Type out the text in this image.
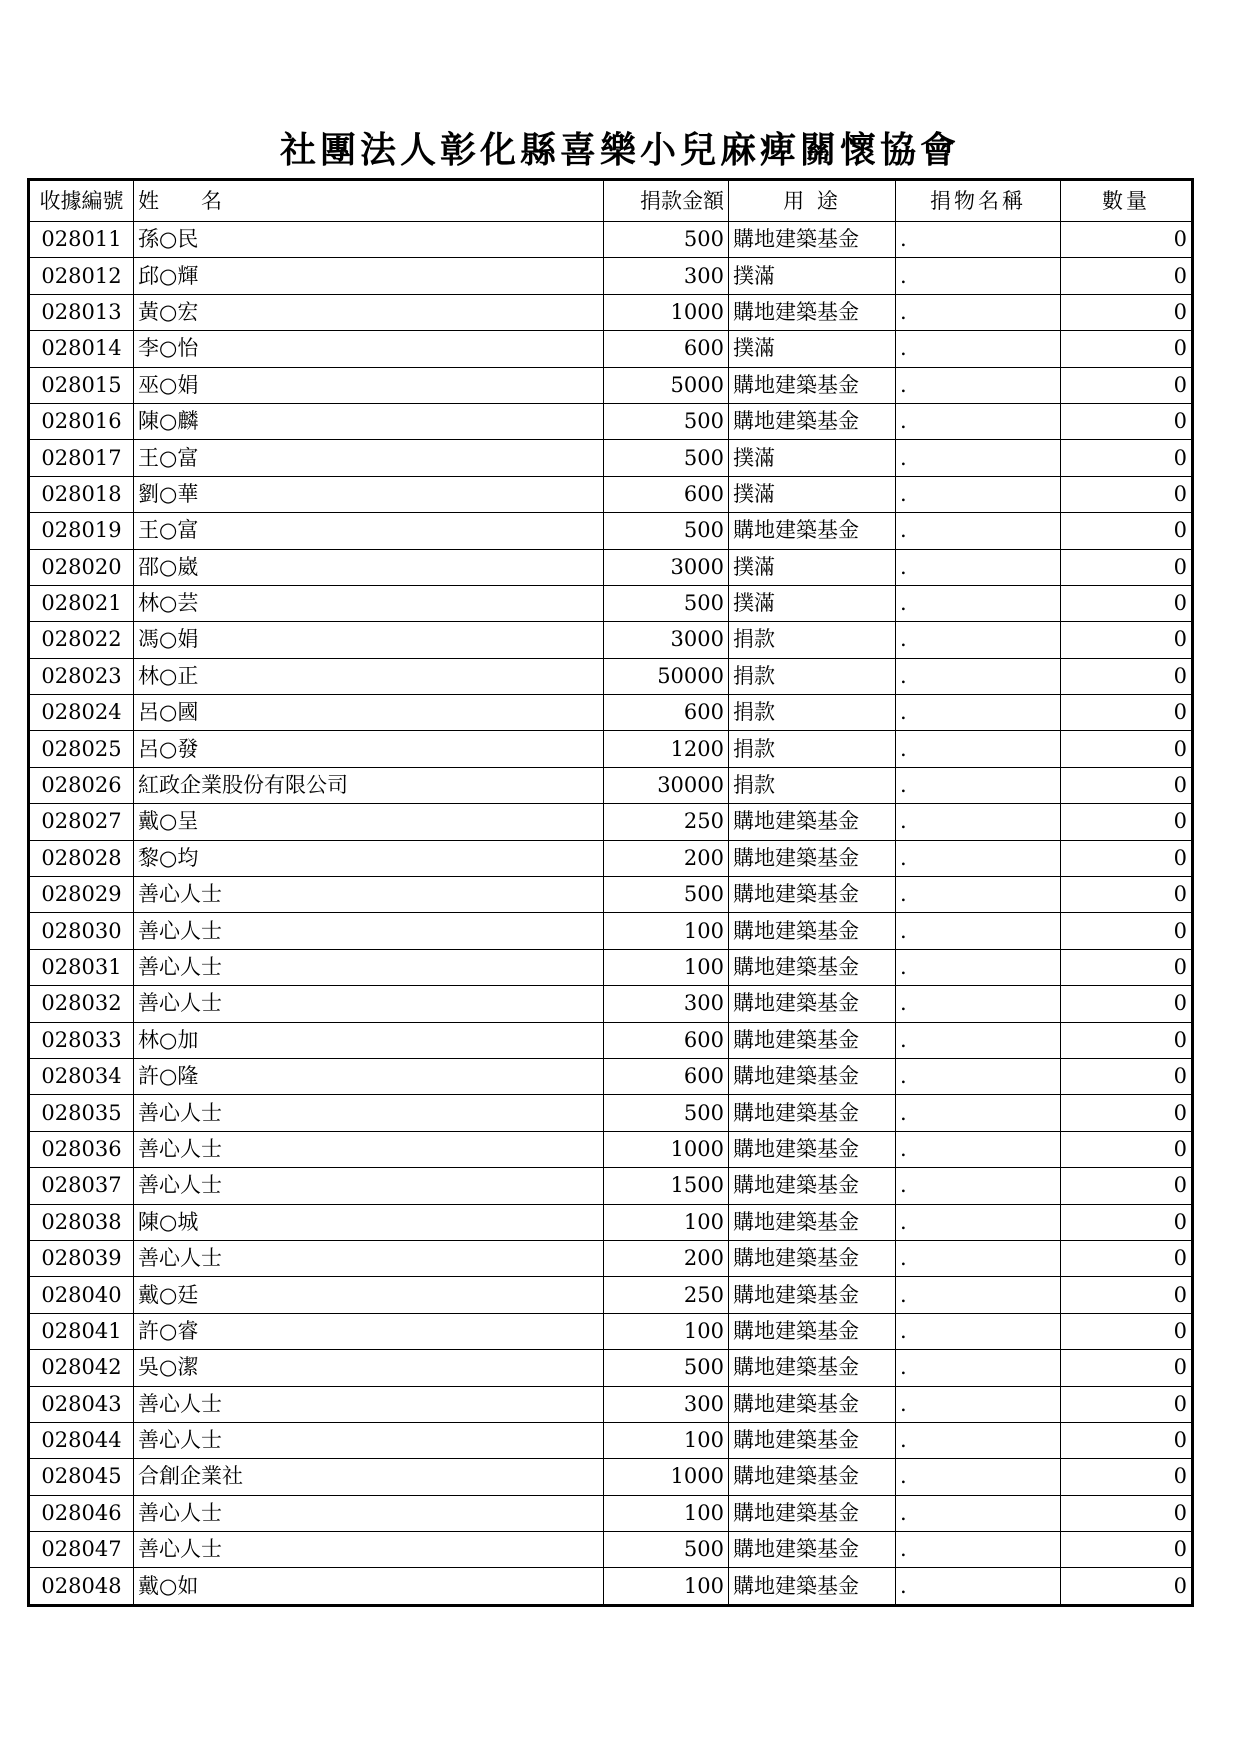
社團法人彰化縣喜樂小兒麻痺關懷協會
收據編號	姓　　名	捐款金額	用 途	捐物名稱	數量
028011	孫○民	500	購地建築基金	.	0
028012	邱○輝	300	撲滿	.	0
028013	黃○宏	1000	購地建築基金	.	0
028014	李○怡	600	撲滿	.	0
028015	巫○娟	5000	購地建築基金	.	0
028016	陳○麟	500	購地建築基金	.	0
028017	王○富	500	撲滿	.	0
028018	劉○華	600	撲滿	.	0
028019	王○富	500	購地建築基金	.	0
028020	邵○崴	3000	撲滿	.	0
028021	林○芸	500	撲滿	.	0
028022	馮○娟	3000	捐款	.	0
028023	林○正	50000	捐款	.	0
028024	呂○國	600	捐款	.	0
028025	呂○發	1200	捐款	.	0
028026	紅政企業股份有限公司	30000	捐款	.	0
028027	戴○呈	250	購地建築基金	.	0
028028	黎○均	200	購地建築基金	.	0
028029	善心人士	500	購地建築基金	.	0
028030	善心人士	100	購地建築基金	.	0
028031	善心人士	100	購地建築基金	.	0
028032	善心人士	300	購地建築基金	.	0
028033	林○加	600	購地建築基金	.	0
028034	許○隆	600	購地建築基金	.	0
028035	善心人士	500	購地建築基金	.	0
028036	善心人士	1000	購地建築基金	.	0
028037	善心人士	1500	購地建築基金	.	0
028038	陳○城	100	購地建築基金	.	0
028039	善心人士	200	購地建築基金	.	0
028040	戴○廷	250	購地建築基金	.	0
028041	許○睿	100	購地建築基金	.	0
028042	吳○潔	500	購地建築基金	.	0
028043	善心人士	300	購地建築基金	.	0
028044	善心人士	100	購地建築基金	.	0
028045	合創企業社	1000	購地建築基金	.	0
028046	善心人士	100	購地建築基金	.	0
028047	善心人士	500	購地建築基金	.	0
028048	戴○如	100	購地建築基金	.	0
